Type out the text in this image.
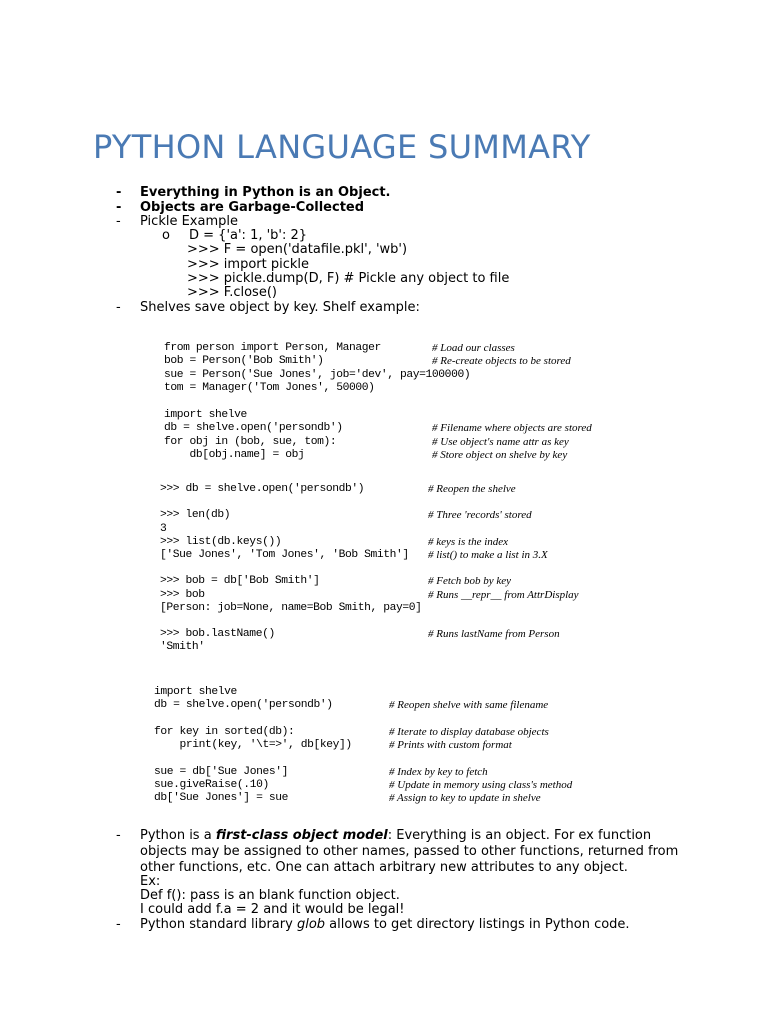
PYTHON LANGUAGE SUMMARY
- Everything in Python is an Object.
- Objects are Garbage-Collected
- Pickle Example
o D = {'a': 1, 'b': 2}
>>> F = open('datafile.pkl', 'wb')
>>> import pickle
>>> pickle.dump(D, F) # Pickle any object to file
>>> F.close()
- Shelves save object by key. Shelf example:
from person import Person, Manager	# Load our classes
bob = Person('Bob Smith')	# Re-create objects to be stored
sue = Person('Sue Jones', job='dev', pay=100000)
tom = Manager('Tom Jones', 50000)
import shelve
db = shelve.open('persondb')	# Filename where objects are stored
for obj in (bob, sue, tom):	# Use object's name attr as key
db[obj.name] = obj	# Store object on shelve by key
>>> db = shelve.open('persondb')	# Reopen the shelve
>>> len(db)	# Three 'records' stored
3
>>> list(db.keys())	# keys is the index
['Sue Jones', 'Tom Jones', 'Bob Smith'] # list() to make a list in 3.X
>>> bob = db['Bob Smith']	# Fetch bob by key
>>> bob	# Runs __repr__ from AttrDisplay
[Person: job=None, name=Bob Smith, pay=0]
>>> bob.lastName()	# Runs lastName from Person
'Smith'
import shelve
db = shelve.open('persondb')	# Reopen shelve with same filename
for key in sorted(db):	# Iterate to display database objects
print(key, '\t=>', db[key])	# Prints with custom format
sue = db['Sue Jones']	# Index by key to fetch
sue.giveRaise(.10)	# Update in memory using class's method
db['Sue Jones'] = sue	# Assign to key to update in shelve
- Python is a first-class object model: Everything is an object. For ex function
objects may be assigned to other names, passed to other functions, returned from
other functions, etc. One can attach arbitrary new attributes to any object.
Ex:
Def f(): pass is an blank function object.
I could add f.a = 2 and it would be legal!
- Python standard library glob allows to get directory listings in Python code.
